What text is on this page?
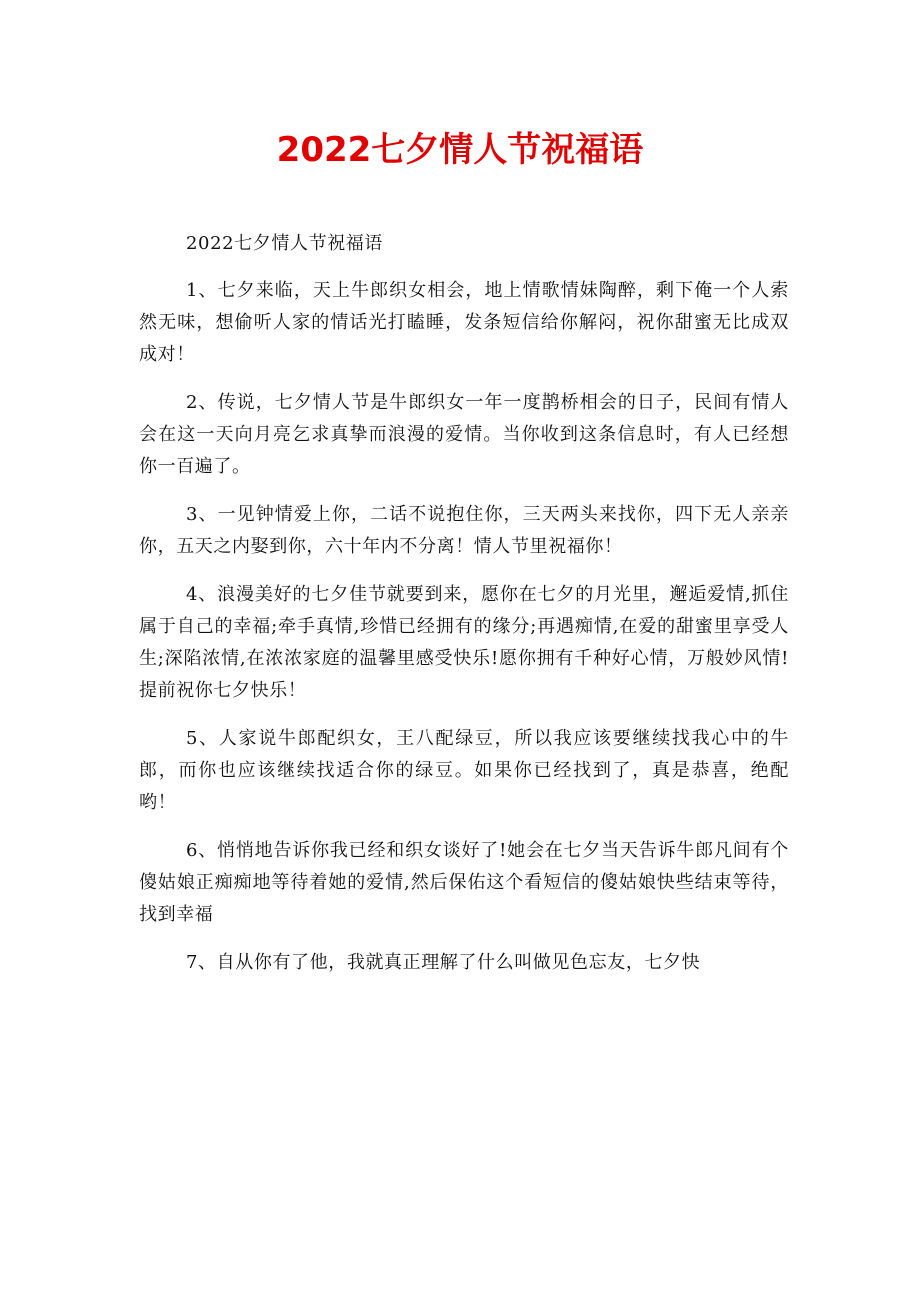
2022七夕情人节祝福语

2022七夕情人节祝福语

1、七夕来临，天上牛郎织女相会，地上情歌情妹陶醉，剩下俺一个人索然无味，想偷听人家的情话光打瞌睡，发条短信给你解闷，祝你甜蜜无比成双成对！

2、传说，七夕情人节是牛郎织女一年一度鹊桥相会的日子，民间有情人会在这一天向月亮乞求真挚而浪漫的爱情。当你收到这条信息时，有人已经想你一百遍了。

3、一见钟情爱上你，二话不说抱住你，三天两头来找你，四下无人亲亲你，五天之内娶到你，六十年内不分离！情人节里祝福你！

4、浪漫美好的七夕佳节就要到来，愿你在七夕的月光里，邂逅爱情,抓住属于自己的幸福;牵手真情,珍惜已经拥有的缘分;再遇痴情,在爱的甜蜜里享受人生;深陷浓情,在浓浓家庭的温馨里感受快乐!愿你拥有千种好心情，万般妙风情!提前祝你七夕快乐！

5、人家说牛郎配织女，王八配绿豆，所以我应该要继续找我心中的牛郎，而你也应该继续找适合你的绿豆。如果你已经找到了，真是恭喜，绝配哟！

6、悄悄地告诉你我已经和织女谈好了!她会在七夕当天告诉牛郎凡间有个傻姑娘正痴痴地等待着她的爱情,然后保佑这个看短信的傻姑娘快些结束等待，找到幸福

7、自从你有了他，我就真正理解了什么叫做见色忘友，七夕快
